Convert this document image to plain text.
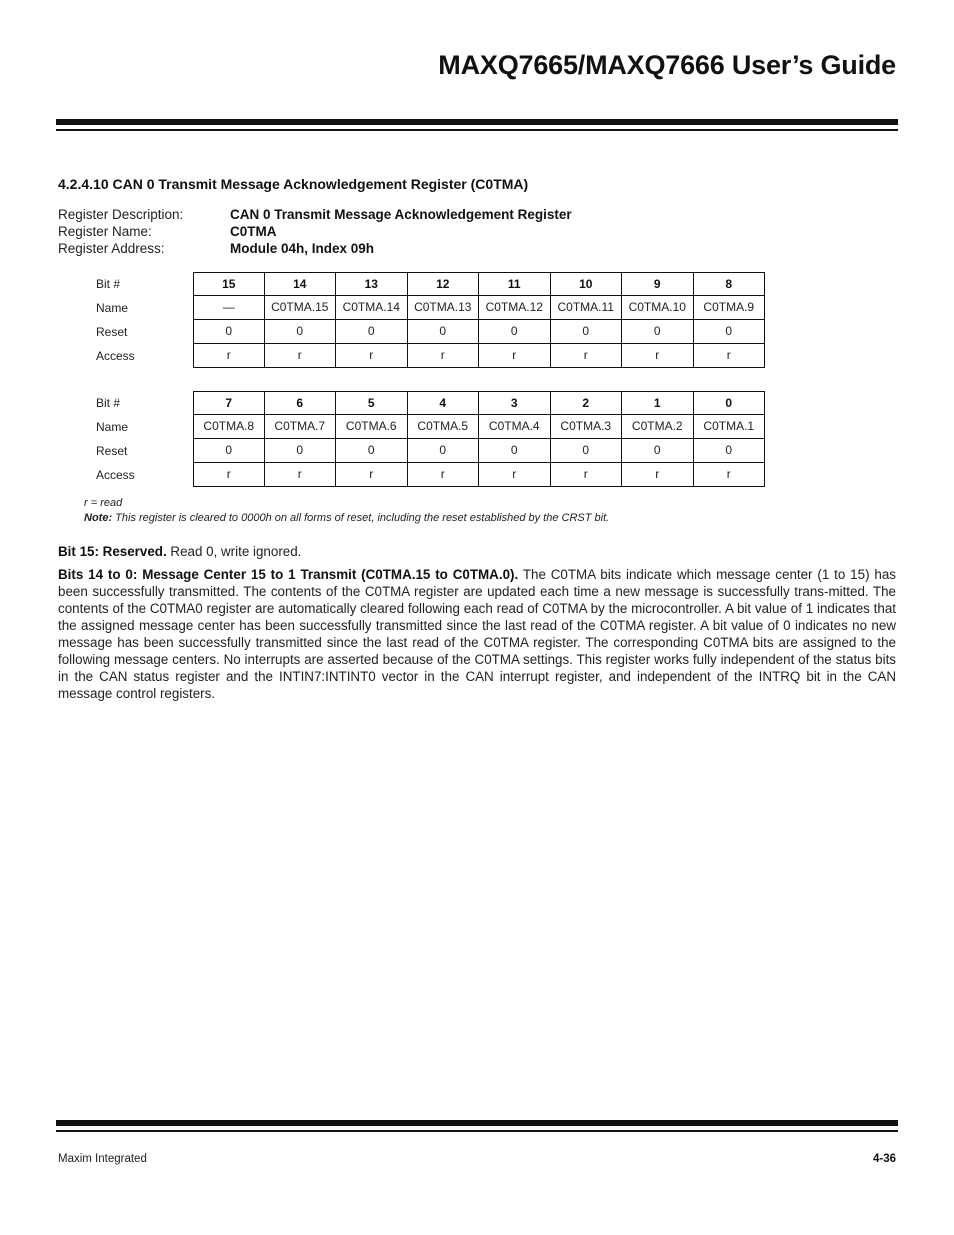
MAXQ7665/MAXQ7666 User’s Guide
4.2.4.10 CAN 0 Transmit Message Acknowledgement Register (C0TMA)
Register Description:	CAN 0 Transmit Message Acknowledgement Register
Register Name:	C0TMA
Register Address:	Module 04h, Index 09h
Bit #	15	14	13	12	11	10	9	8
Name	—	C0TMA.15	C0TMA.14	C0TMA.13	C0TMA.12	C0TMA.11	C0TMA.10	C0TMA.9
Reset	0	0	0	0	0	0	0	0
Access	r	r	r	r	r	r	r	r
Bit #	7	6	5	4	3	2	1	0
Name	C0TMA.8	C0TMA.7	C0TMA.6	C0TMA.5	C0TMA.4	C0TMA.3	C0TMA.2	C0TMA.1
Reset	0	0	0	0	0	0	0	0
Access	r	r	r	r	r	r	r	r
r = read
Note: This register is cleared to 0000h on all forms of reset, including the reset established by the CRST bit.
Bit 15: Reserved. Read 0, write ignored.
Bits 14 to 0: Message Center 15 to 1 Transmit (C0TMA.15 to C0TMA.0). The C0TMA bits indicate which message center (1 to 15) has been successfully transmitted. The contents of the C0TMA register are updated each time a new message is successfully trans-mitted. The contents of the C0TMA0 register are automatically cleared following each read of C0TMA by the microcontroller. A bit value of 1 indicates that the assigned message center has been successfully transmitted since the last read of the C0TMA register. A bit value of 0 indicates no new message has been successfully transmitted since the last read of the C0TMA register. The corresponding C0TMA bits are assigned to the following message centers. No interrupts are asserted because of the C0TMA settings. This register works fully independent of the status bits in the CAN status register and the INTIN7:INTINT0 vector in the CAN interrupt register, and independent of the INTRQ bit in the CAN message control registers.
Maxim Integrated	4-36
